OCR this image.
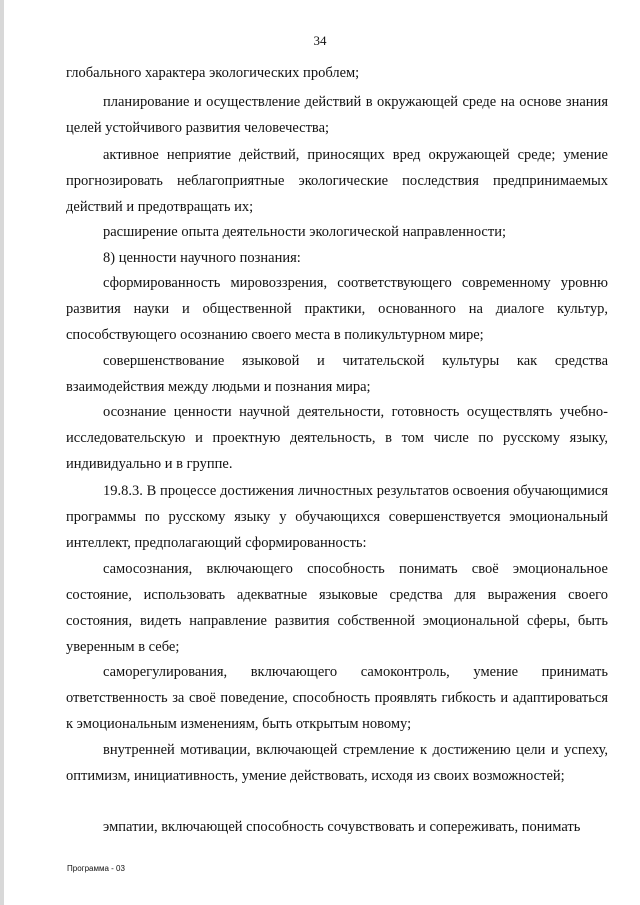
34

глобального характера экологических проблем;

планирование и осуществление действий в окружающей среде на основе знания целей устойчивого развития человечества;

активное неприятие действий, приносящих вред окружающей среде; умение прогнозировать неблагоприятные экологические последствия предпринимаемых действий и предотвращать их;

расширение опыта деятельности экологической направленности;

8) ценности научного познания:

сформированность мировоззрения, соответствующего современному уровню развития науки и общественной практики, основанного на диалоге культур, способствующего осознанию своего места в поликультурном мире;

совершенствование языковой и читательской культуры как средства взаимодействия между людьми и познания мира;

осознание ценности научной деятельности, готовность осуществлять учебно-исследовательскую и проектную деятельность, в том числе по русскому языку, индивидуально и в группе.

19.8.3. В процессе достижения личностных результатов освоения обучающимися программы по русскому языку у обучающихся совершенствуется эмоциональный интеллект, предполагающий сформированность:

самосознания, включающего способность понимать своё эмоциональное состояние, использовать адекватные языковые средства для выражения своего состояния, видеть направление развития собственной эмоциональной сферы, быть уверенным в себе;

саморегулирования, включающего самоконтроль, умение принимать ответственность за своё поведение, способность проявлять гибкость и адаптироваться к эмоциональным изменениям, быть открытым новому;

внутренней мотивации, включающей стремление к достижению цели и успеху, оптимизм, инициативность, умение действовать, исходя из своих возможностей;

эмпатии, включающей способность сочувствовать и сопереживать, понимать

Программа - 03
